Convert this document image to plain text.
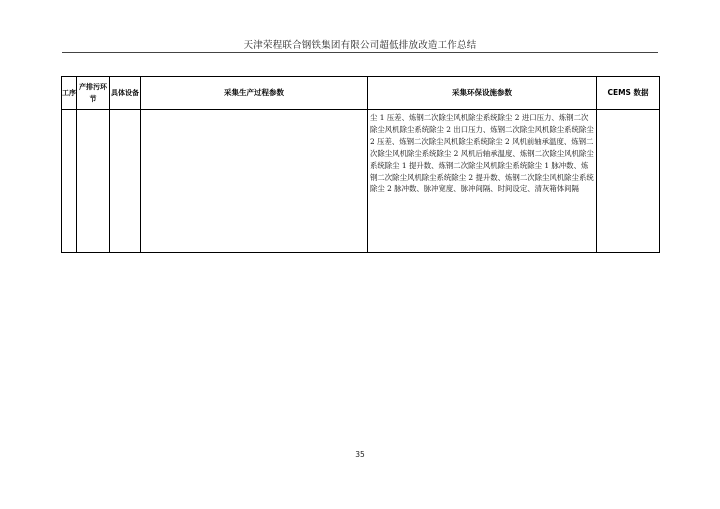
天津荣程联合钢铁集团有限公司超低排放改造工作总结
工序	产排污环节	具体设备	采集生产过程参数	采集环保设施参数	CEMS 数据
				尘 1 压差、炼钢二次除尘风机除尘系统除尘 2 进口压力、炼钢二次除尘风机除尘系统除尘 2 出口压力、炼钢二次除尘风机除尘系统除尘 2 压差、炼钢二次除尘风机除尘系统除尘 2 风机前轴承温度、炼钢二次除尘风机除尘系统除尘 2 风机后轴承温度、炼钢二次除尘风机除尘系统除尘 1 提升数、炼钢二次除尘风机除尘系统除尘 1 脉冲数、炼钢二次除尘风机除尘系统除尘 2 提升数、炼钢二次除尘风机除尘系统除尘 2 脉冲数、脉冲宽度、脉冲间隔、时间设定、清灰箱体间隔	
35
